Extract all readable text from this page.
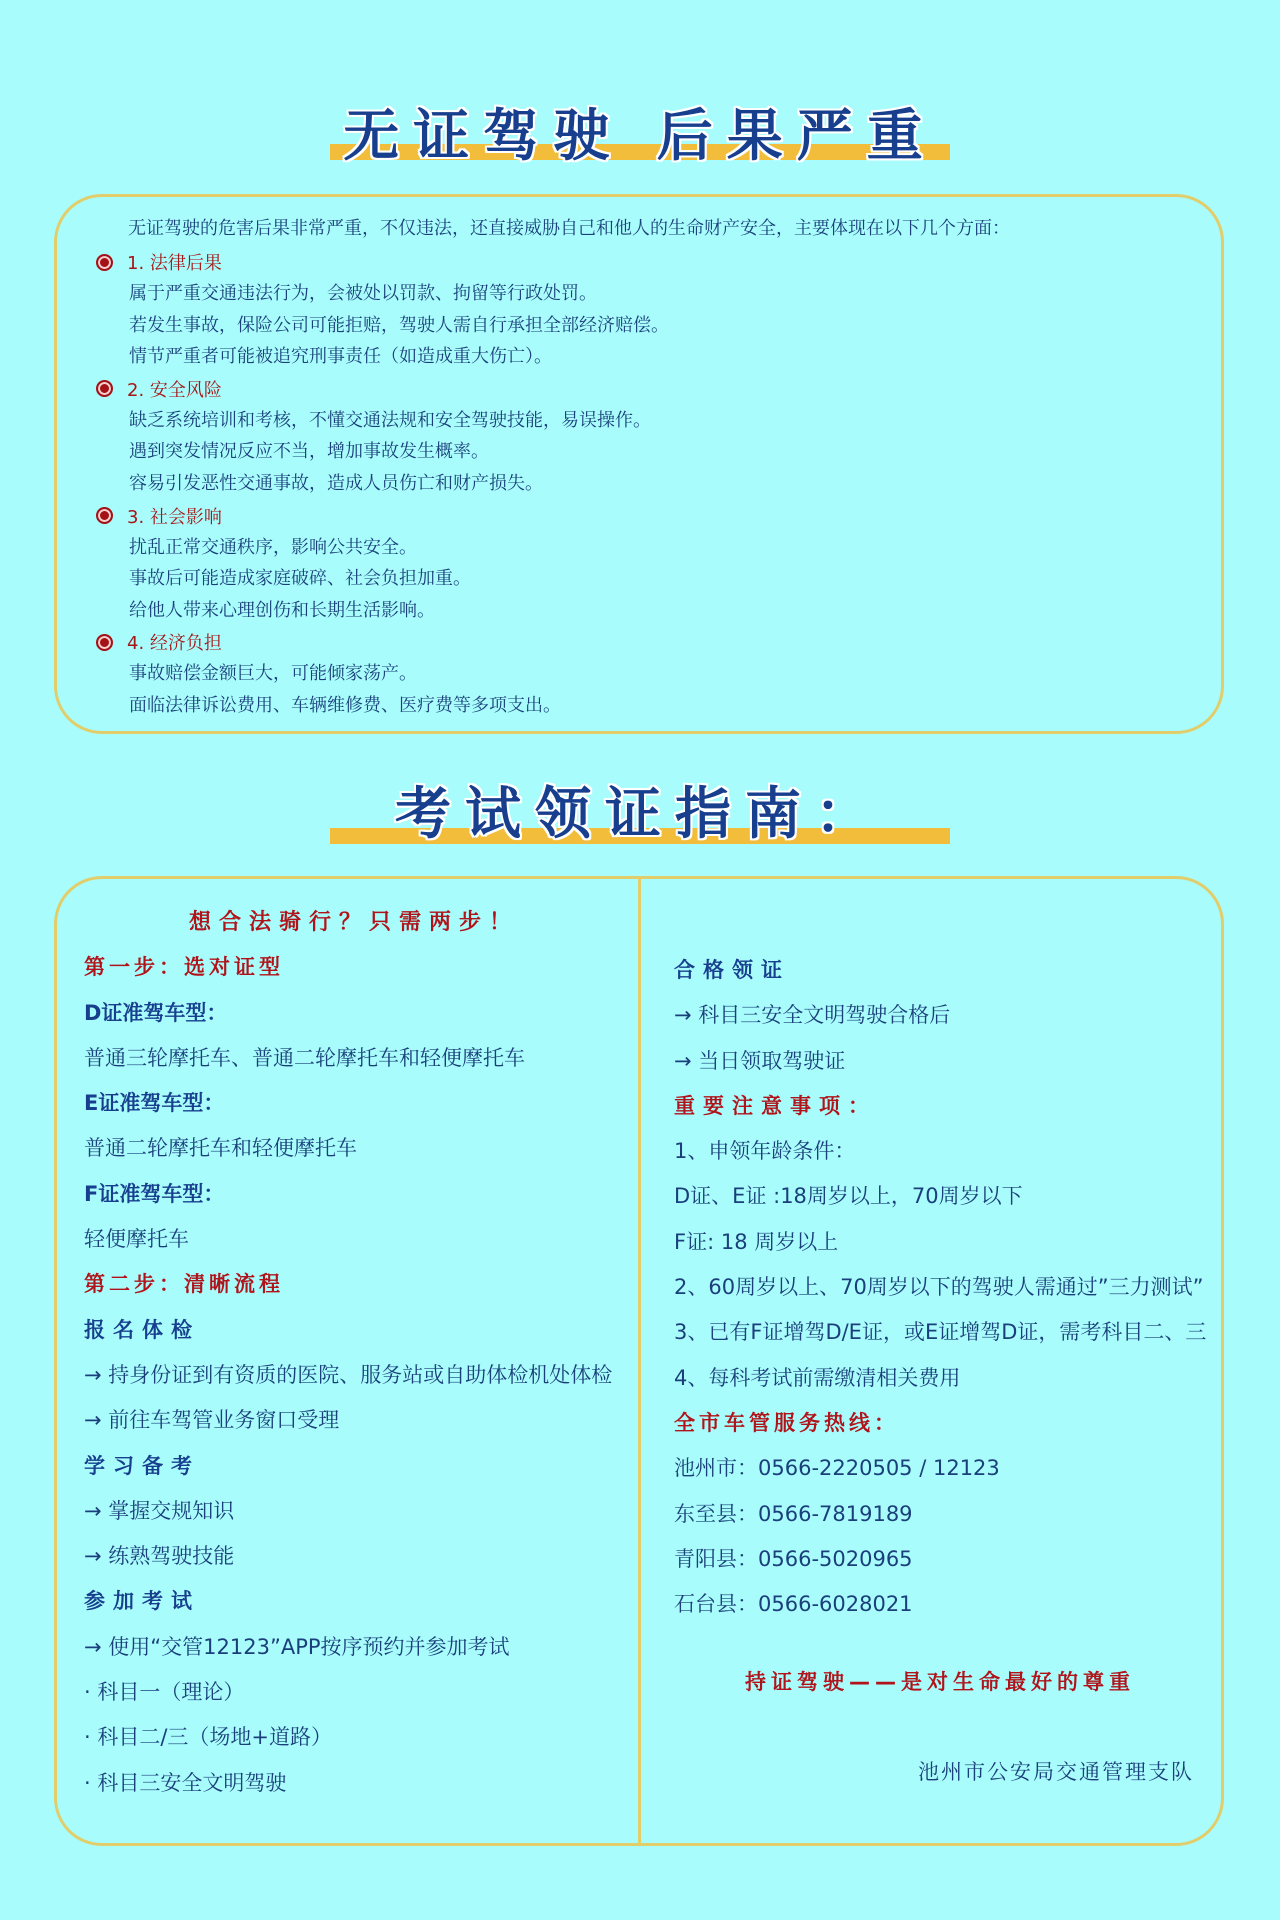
无证驾驶 后果严重
无证驾驶的危害后果非常严重，不仅违法，还直接威胁自己和他人的生命财产安全，主要体现在以下几个方面：
1. 法律后果
属于严重交通违法行为，会被处以罚款、拘留等行政处罚。
若发生事故，保险公司可能拒赔，驾驶人需自行承担全部经济赔偿。
情节严重者可能被追究刑事责任（如造成重大伤亡）。
2. 安全风险
缺乏系统培训和考核，不懂交通法规和安全驾驶技能，易误操作。
遇到突发情况反应不当，增加事故发生概率。
容易引发恶性交通事故，造成人员伤亡和财产损失。
3. 社会影响
扰乱正常交通秩序，影响公共安全。
事故后可能造成家庭破碎、社会负担加重。
给他人带来心理创伤和长期生活影响。
4. 经济负担
事故赔偿金额巨大，可能倾家荡产。
面临法律诉讼费用、车辆维修费、医疗费等多项支出。
考试领证指南：
想合法骑行？只需两步！
第一步：选对证型
D证准驾车型：
普通三轮摩托车、普通二轮摩托车和轻便摩托车
E证准驾车型：
普通二轮摩托车和轻便摩托车
F证准驾车型：
轻便摩托车
第二步：清晰流程
报名体检
→ 持身份证到有资质的医院、服务站或自助体检机处体检
→ 前往车驾管业务窗口受理
学习备考
→ 掌握交规知识
→ 练熟驾驶技能
参加考试
→ 使用“交管12123”APP按序预约并参加考试
· 科目一（理论）
· 科目二/三（场地+道路）
· 科目三安全文明驾驶
合格领证
→ 科目三安全文明驾驶合格后
→ 当日领取驾驶证
重要注意事项：
1、申领年龄条件：
D证、E证 :18周岁以上，70周岁以下
F证: 18 周岁以上
2、60周岁以上、70周岁以下的驾驶人需通过”三力测试”
3、已有F证增驾D/E证，或E证增驾D证，需考科目二、三
4、每科考试前需缴清相关费用
全市车管服务热线：
池州市：0566-2220505 / 12123
东至县：0566-7819189
青阳县：0566-5020965
石台县：0566-6028021
持证驾驶——是对生命最好的尊重
池州市公安局交通管理支队
